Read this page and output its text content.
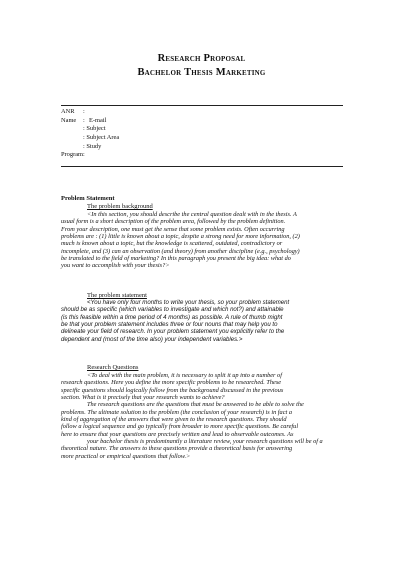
Research Proposal
Bachelor Thesis Marketing
ANR	:
Name	: E-mail
: Subject
: Subject Area
: Study
Program :
Problem Statement
The problem background
<In this section, you should describe the central question dealt with in the thesis. A
usual form is a short description of the problem area, followed by the problem definition.
From your description, one must get the sense that some problem exists. Often occurring
problems are : (1) little is known about a topic, despite a strong need for more information, (2)
much is known about a topic, but the knowledge is scattered, outdated, contradictory or
incomplete, and (3) can an observation (and theory) from another discipline (e.g., psychology)
be translated to the field of marketing? In this paragraph you present the big idea: what do
you want to accomplish with your thesis?>
The problem statement
<You have only four months to write your thesis, so your problem statement
should be as specific (which variables to investigate and which not?) and attainable
(is this feasible within a time period of 4 months) as possible. A rule of thumb might
be that your problem statement includes three or four nouns that may help you to
delineate your field of research. In your problem statement you explicitly refer to the
dependent and (most of the time also) your independent variables.>
Research Questions
<To deal with the main problem, it is necessary to split it up into a number of
research questions. Here you define the more specific problems to be researched. These
specific questions should logically follow from the background discussed in the previous
section. What is it precisely that your research wants to achieve?
The research questions are the questions that must be answered to be able to solve the
problems. The ultimate solution to the problem (the conclusion of your research) is in fact a
kind of aggregation of the answers that were given to the research questions. They should
follow a logical sequence and go typically from broader to more specific questions. Be careful
here to ensure that your questions are precisely written and lead to observable outcomes. As
your bachelor thesis is predominantly a literature review, your research questions will be of a
theoretical nature. The answers to these questions provide a theoretical basis for answering
more practical or empirical questions that follow.>
